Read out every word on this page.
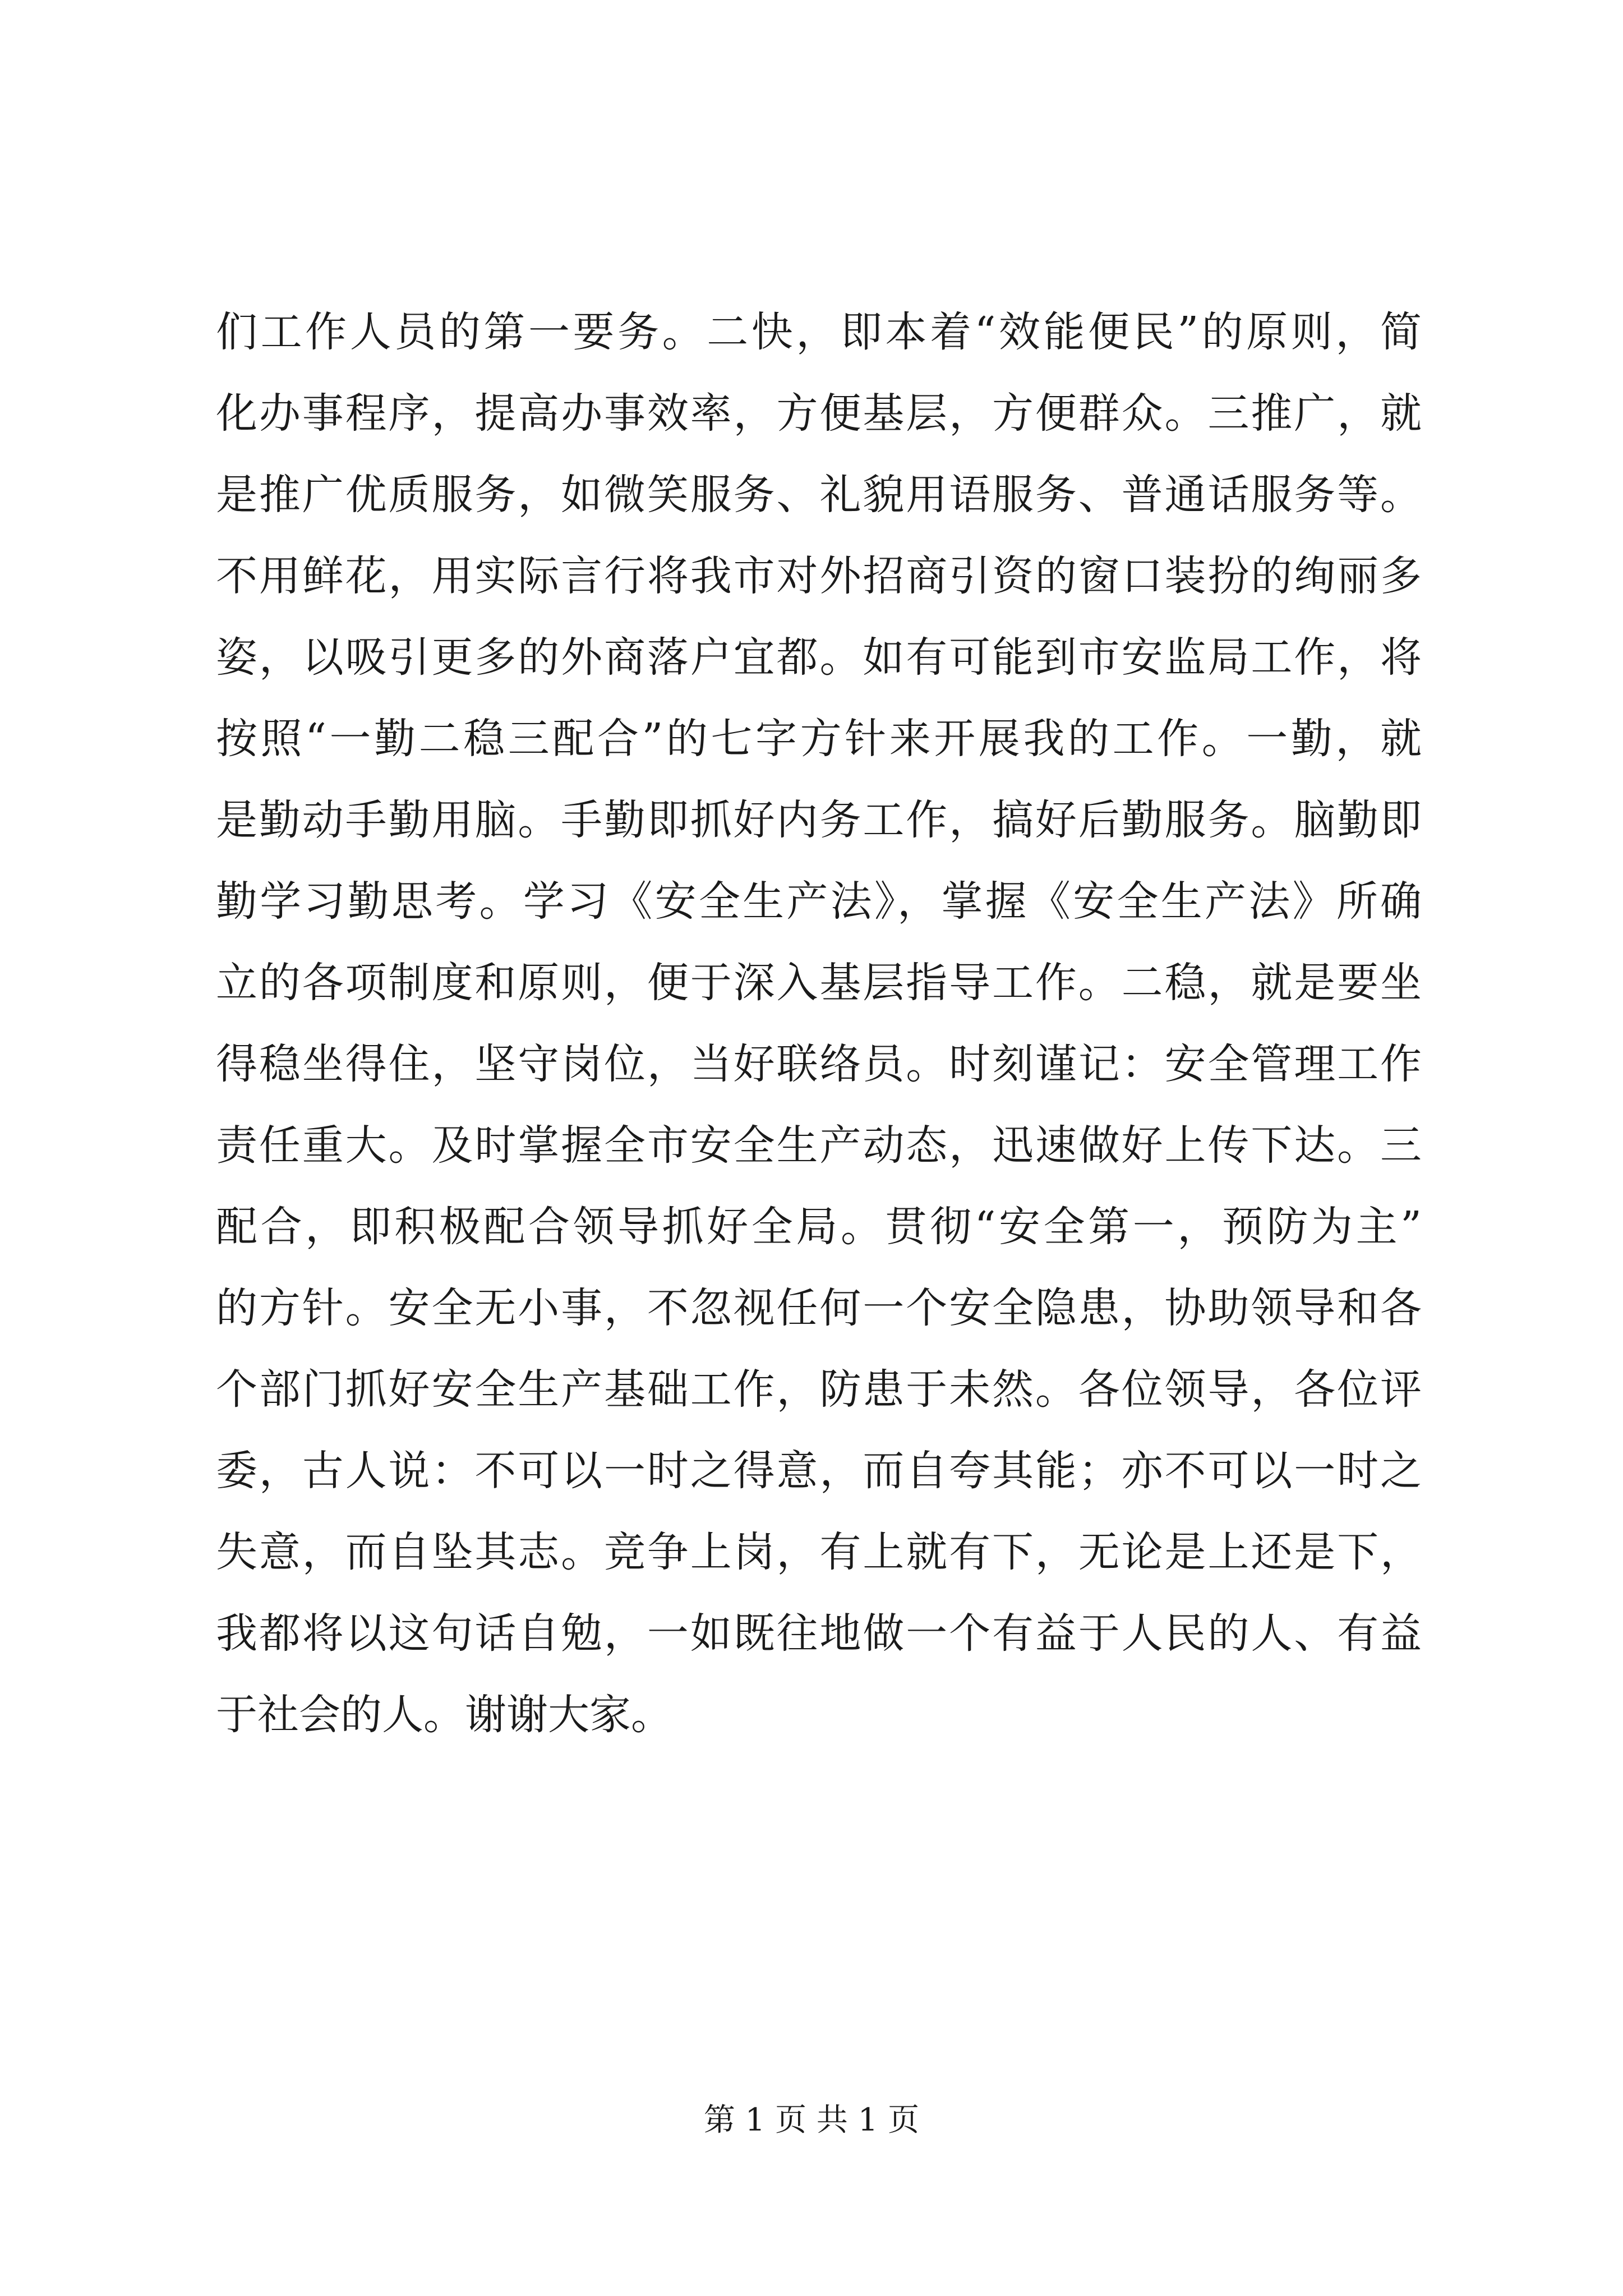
们工作人员的第一要务。二快，即本着“效能便民”的原则，简
化办事程序，提高办事效率，方便基层，方便群众。三推广，就
是推广优质服务，如微笑服务、礼貌用语服务、普通话服务等。
不用鲜花，用实际言行将我市对外招商引资的窗口装扮的绚丽多
姿，以吸引更多的外商落户宜都。如有可能到市安监局工作，将
按照“一勤二稳三配合”的七字方针来开展我的工作。一勤，就
是勤动手勤用脑。手勤即抓好内务工作，搞好后勤服务。脑勤即
勤学习勤思考。学习《安全生产法》，掌握《安全生产法》所确
立的各项制度和原则，便于深入基层指导工作。二稳，就是要坐
得稳坐得住，坚守岗位，当好联络员。时刻谨记：安全管理工作
责任重大。及时掌握全市安全生产动态，迅速做好上传下达。三
配合，即积极配合领导抓好全局。贯彻“安全第一，预防为主”
的方针。安全无小事，不忽视任何一个安全隐患，协助领导和各
个部门抓好安全生产基础工作，防患于未然。各位领导，各位评
委，古人说：不可以一时之得意，而自夸其能；亦不可以一时之
失意，而自坠其志。竞争上岗，有上就有下，无论是上还是下，
我都将以这句话自勉，一如既往地做一个有益于人民的人、有益
于社会的人。谢谢大家。
第 1 页 共 1 页
